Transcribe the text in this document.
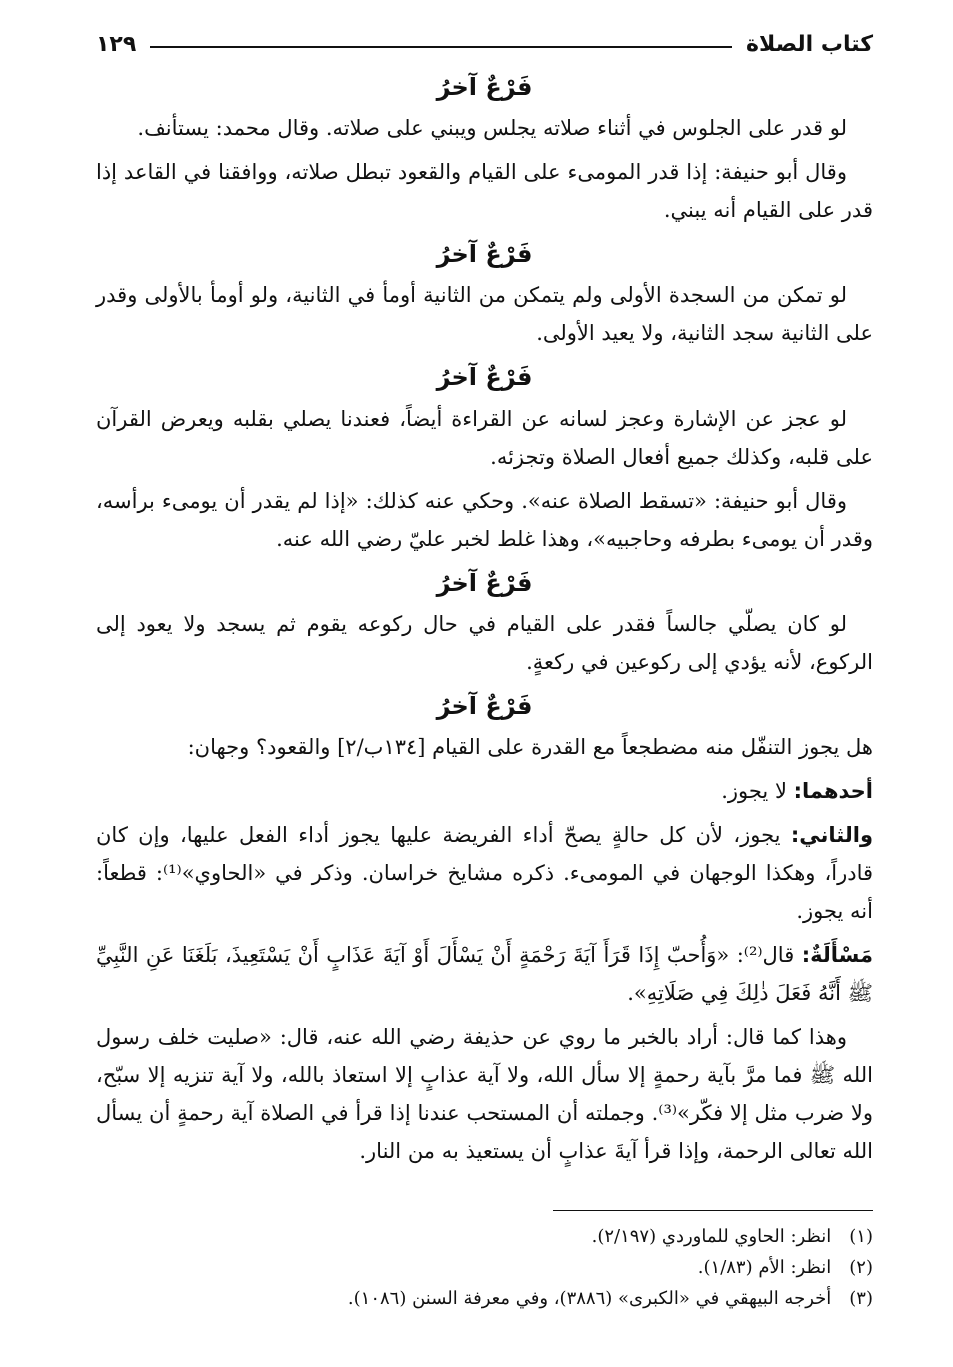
كتاب الصلاة
١٢٩
فَرْعٌ آخرُ

لو قدر على الجلوس في أثناء صلاته يجلس ويبني على صلاته. وقال محمد: يستأنف.

وقال أبو حنيفة: إذا قدر المومىء على القيام والقعود تبطل صلاته، ووافقنا في القاعد إذا قدر على القيام أنه يبني.

فَرْعٌ آخرُ

لو تمكن من السجدة الأولى ولم يتمكن من الثانية أومأ في الثانية، ولو أومأ بالأولى وقدر على الثانية سجد الثانية، ولا يعيد الأولى.

فَرْعٌ آخرُ

لو عجز عن الإشارة وعجز لسانه عن القراءة أيضاً، فعندنا يصلي بقلبه ويعرض القرآن على قلبه، وكذلك جميع أفعال الصلاة وتجزئه.

وقال أبو حنيفة: «تسقط الصلاة عنه». وحكي عنه كذلك: «إذا لم يقدر أن يومىء برأسه، وقدر أن يومىء بطرفه وحاجبيه»، وهذا غلط لخبر عليّ رضي الله عنه.

فَرْعٌ آخرُ

لو كان يصلّي جالساً فقدر على القيام في حال ركوعه يقوم ثم يسجد ولا يعود إلى الركوع، لأنه يؤدي إلى ركوعين في ركعةٍ.

فَرْعٌ آخرُ

هل يجوز التنفّل منه مضطجعاً مع القدرة على القيام [١٣٤ب/٢] والقعود؟ وجهان:

أحدهما: لا يجوز.

والثاني: يجوز، لأن كل حالةٍ يصحّ أداء الفريضة عليها يجوز أداء الفعل عليها، وإن كان قادراً، وهكذا الوجهان في المومىء. ذكره مشايخ خراسان. وذكر في «الحاوي»⁽¹⁾: قطعاً: أنه يجوز.

مَسْأَلَةٌ: قال⁽²⁾: «وَأُحبّ إِذَا قَرَأَ آيَةَ رَحْمَةٍ أَنْ يَسْأَلَ أَوْ آيَةَ عَذَابٍ أَنْ يَسْتَعِيذَ، بَلَغَنَا عَنِ النَّبِيِّ ﷺ أَنَّهُ فَعَلَ ذٰلِكَ فِي صَلَاتِهِ».

وهذا كما قال: أراد بالخبر ما روي عن حذيفة رضي الله عنه، قال: «صليت خلف رسول الله ﷺ فما مرَّ بآية رحمةٍ إلا سأل الله، ولا آية عذابٍ إلا استعاذ بالله، ولا آية تنزيه إلا سبّح، ولا ضرب مثل إلا فكّر»⁽³⁾. وجملته أن المستحب عندنا إذا قرأ في الصلاة آية رحمةٍ أن يسأل الله تعالى الرحمة، وإذا قرأ آيةَ عذابٍ أن يستعيذ به من النار.

(١) انظر: الحاوي للماوردي (٢/١٩٧).

(٢) انظر: الأم (١/٨٣).

(٣) أخرجه البيهقي في «الكبرى» (٣٨٨٦)، وفي معرفة السنن (١٠٨٦).
